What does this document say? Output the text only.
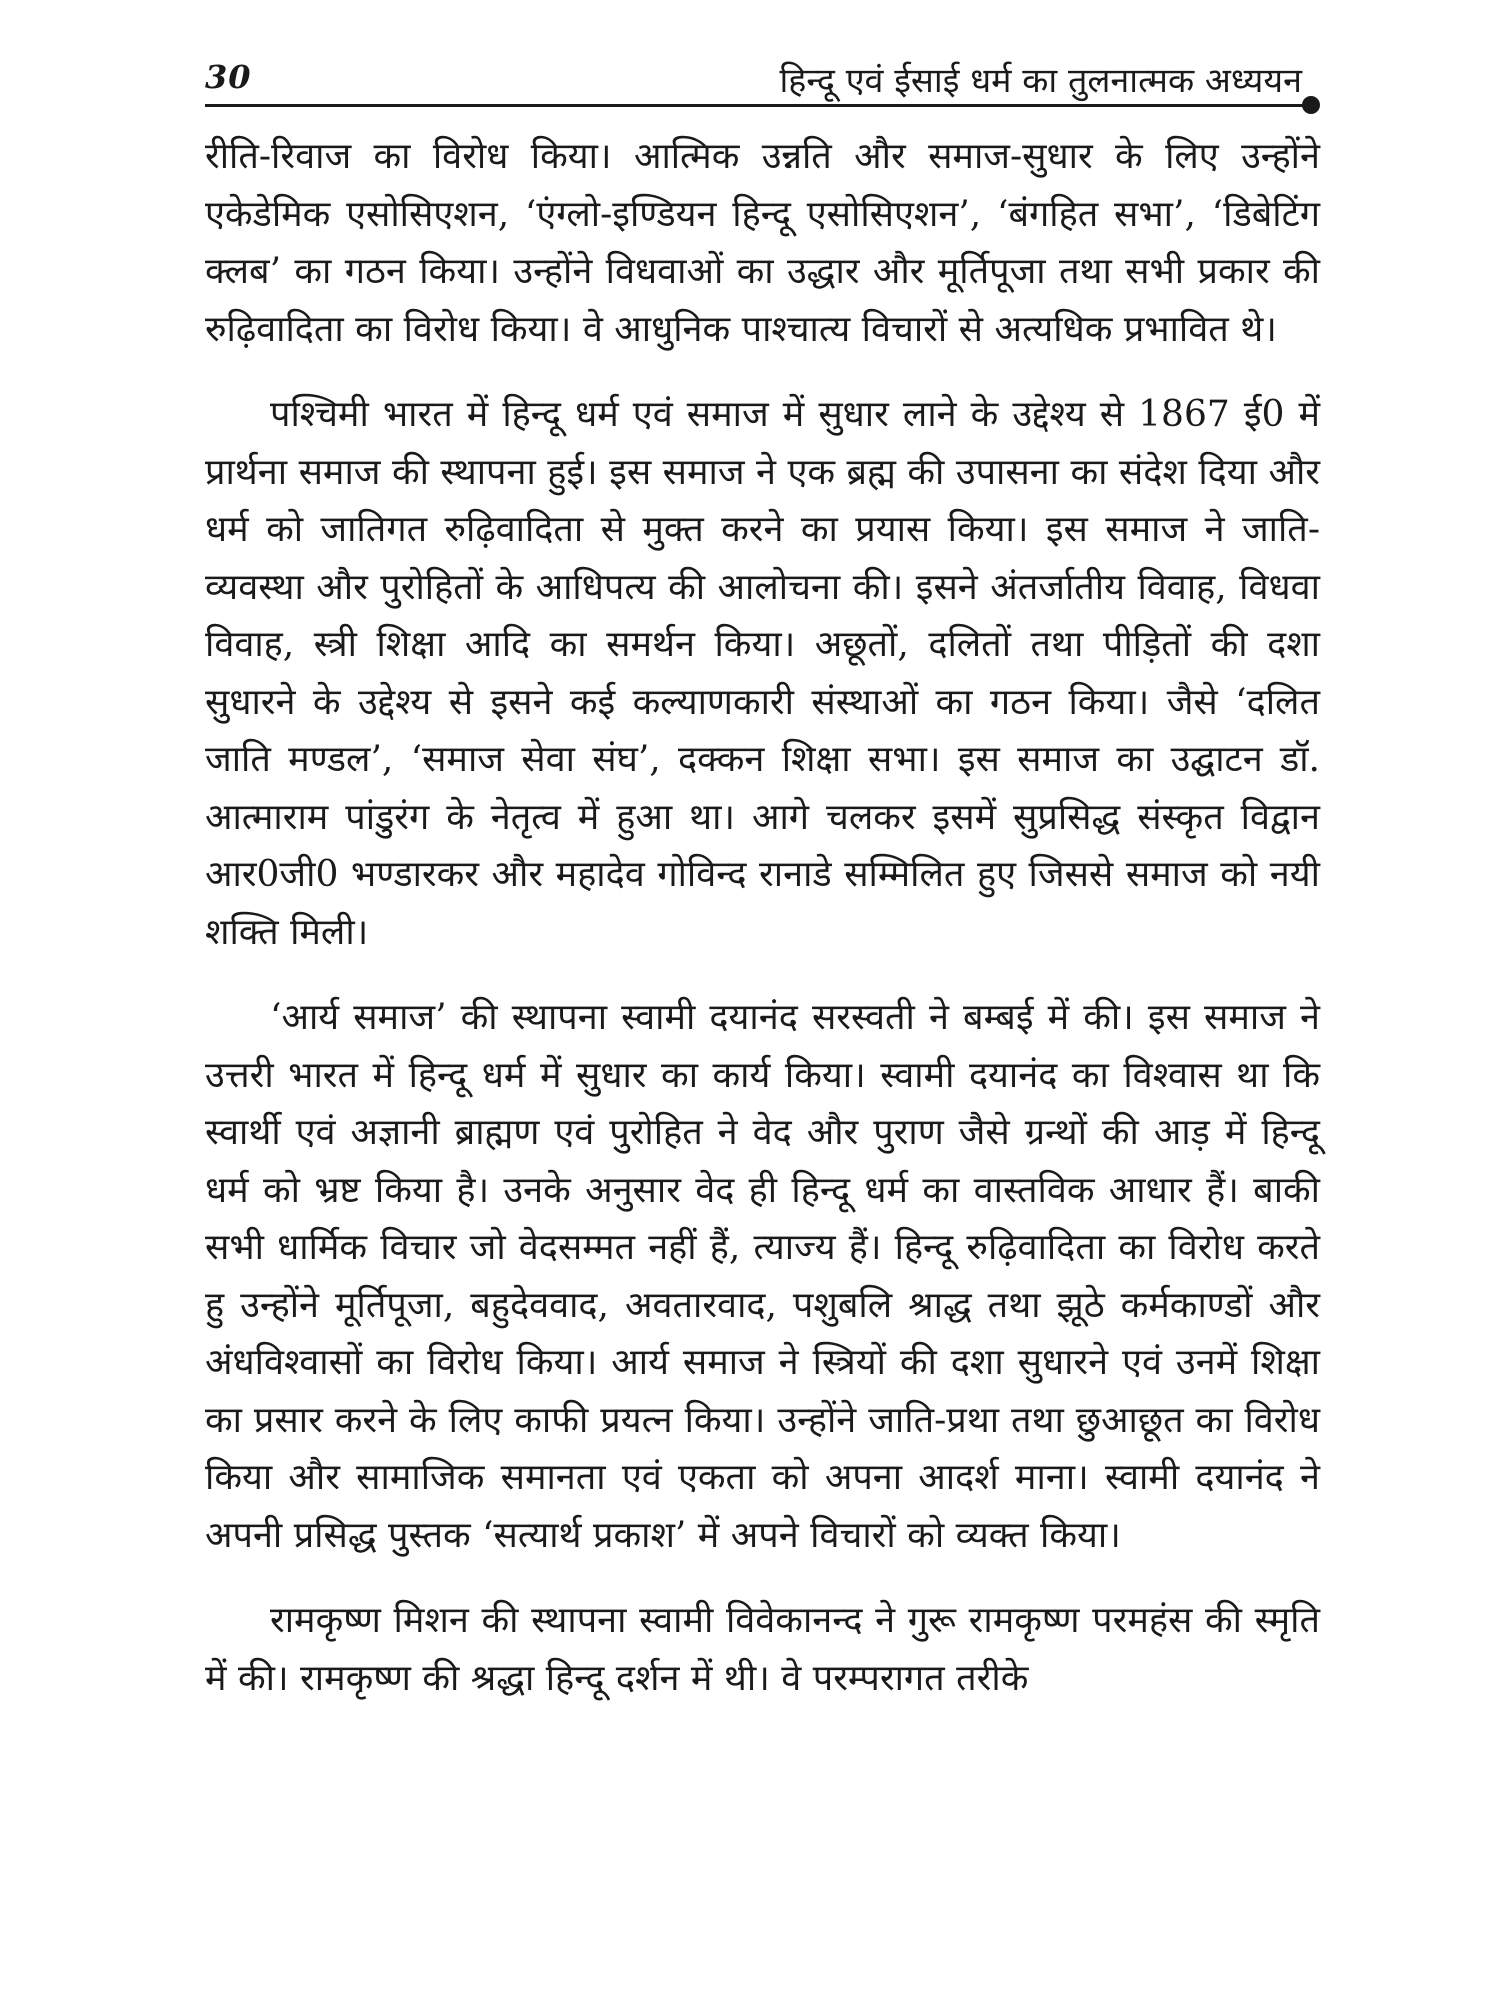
30	हिन्दू एवं ईसाई धर्म का तुलनात्मक अध्ययन

रीति-रिवाज का विरोध किया। आत्मिक उन्नति और समाज-सुधार के लिए उन्होंने एकेडेमिक एसोसिएशन, ‘एंग्लो-इण्डियन हिन्दू एसोसिएशन’, ‘बंगहित सभा’, ‘डिबेटिंग क्लब’ का गठन किया। उन्होंने विधवाओं का उद्धार और मूर्तिपूजा तथा सभी प्रकार की रुढ़िवादिता का विरोध किया। वे आधुनिक पाश्चात्य विचारों से अत्यधिक प्रभावित थे।

पश्चिमी भारत में हिन्दू धर्म एवं समाज में सुधार लाने के उद्देश्य से 1867 ई0 में प्रार्थना समाज की स्थापना हुई। इस समाज ने एक ब्रह्म की उपासना का संदेश दिया और धर्म को जातिगत रुढ़िवादिता से मुक्त करने का प्रयास किया। इस समाज ने जाति- व्यवस्था और पुरोहितों के आधिपत्य की आलोचना की। इसने अंतर्जातीय विवाह, विधवा विवाह, स्त्री शिक्षा आदि का समर्थन किया। अछूतों, दलितों तथा पीड़ितों की दशा सुधारने के उद्देश्य से इसने कई कल्याणकारी संस्थाओं का गठन किया। जैसे ‘दलित जाति मण्डल’, ‘समाज सेवा संघ’, दक्कन शिक्षा सभा। इस समाज का उद्घाटन डॉ. आत्माराम पांडुरंग के नेतृत्व में हुआ था। आगे चलकर इसमें सुप्रसिद्ध संस्कृत विद्वान आर0जी0 भण्डारकर और महादेव गोविन्द रानाडे सम्मिलित हुए जिससे समाज को नयी शक्ति मिली।

‘आर्य समाज’ की स्थापना स्वामी दयानंद सरस्वती ने बम्बई में की। इस समाज ने उत्तरी भारत में हिन्दू धर्म में सुधार का कार्य किया। स्वामी दयानंद का विश्वास था कि स्वार्थी एवं अज्ञानी ब्राह्मण एवं पुरोहित ने वेद और पुराण जैसे ग्रन्थों की आड़ में हिन्दू धर्म को भ्रष्ट किया है। उनके अनुसार वेद ही हिन्दू धर्म का वास्तविक आधार हैं। बाकी सभी धार्मिक विचार जो वेदसम्मत नहीं हैं, त्याज्य हैं। हिन्दू रुढ़िवादिता का विरोध करते हु उन्होंने मूर्तिपूजा, बहुदेववाद, अवतारवाद, पशुबलि श्राद्ध तथा झूठे कर्मकाण्डों और अंधविश्वासों का विरोध किया। आर्य समाज ने स्त्रियों की दशा सुधारने एवं उनमें शिक्षा का प्रसार करने के लिए काफी प्रयत्न किया। उन्होंने जाति-प्रथा तथा छुआछूत का विरोध किया और सामाजिक समानता एवं एकता को अपना आदर्श माना। स्वामी दयानंद ने अपनी प्रसिद्ध पुस्तक ‘सत्यार्थ प्रकाश’ में अपने विचारों को व्यक्त किया।

रामकृष्ण मिशन की स्थापना स्वामी विवेकानन्द ने गुरू रामकृष्ण परमहंस की स्मृति में की। रामकृष्ण की श्रद्धा हिन्दू दर्शन में थी। वे परम्परागत तरीके
